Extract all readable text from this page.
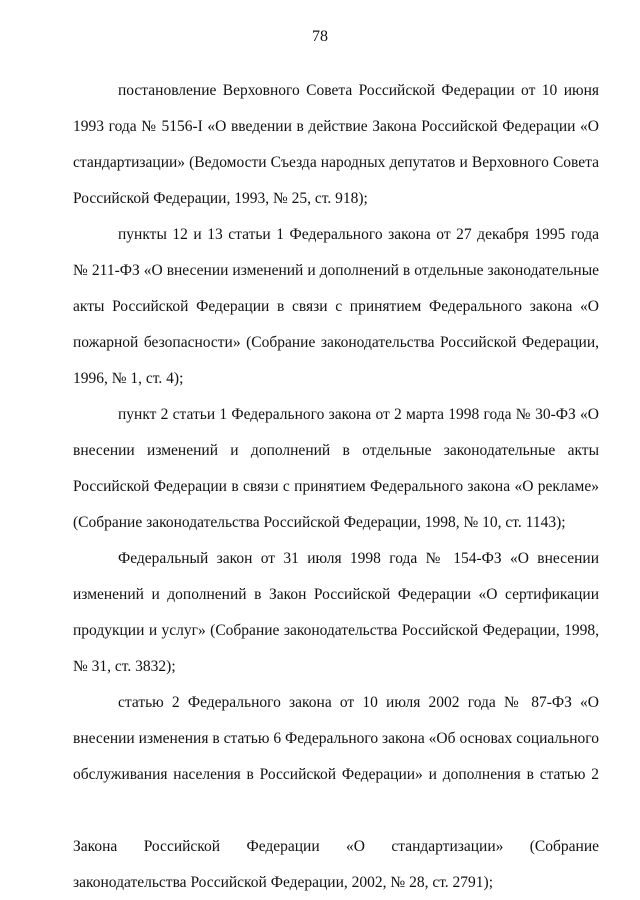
78
постановление Верховного Совета Российской Федерации от 10 июня
1993 года № 5156-I «О введении в действие Закона Российской Федерации «О
стандартизации» (Ведомости Съезда народных депутатов и Верховного Совета
Российской Федерации, 1993, № 25, ст. 918);
пункты 12 и 13 статьи 1 Федерального закона от 27 декабря 1995 года
№ 211-ФЗ «О внесении изменений и дополнений в отдельные законодательные
акты Российской Федерации в связи с принятием Федерального закона «О
пожарной безопасности» (Собрание законодательства Российской Федерации,
1996, № 1, ст. 4);
пункт 2 статьи 1 Федерального закона от 2 марта 1998 года № 30-ФЗ «О
внесении изменений и дополнений в отдельные законодательные акты
Российской Федерации в связи с принятием Федерального закона «О рекламе»
(Собрание законодательства Российской Федерации, 1998, № 10, ст. 1143);
Федеральный закон от 31 июля 1998 года № 154-ФЗ «О внесении
изменений и дополнений в Закон Российской Федерации «О сертификации
продукции и услуг» (Собрание законодательства Российской Федерации, 1998,
№ 31, ст. 3832);
статью 2 Федерального закона от 10 июля 2002 года № 87-ФЗ «О
внесении изменения в статью 6 Федерального закона «Об основах социального
обслуживания населения в Российской Федерации» и дополнения в статью 2
Закона Российской Федерации «О стандартизации» (Собрание
законодательства Российской Федерации, 2002, № 28, ст. 2791);
